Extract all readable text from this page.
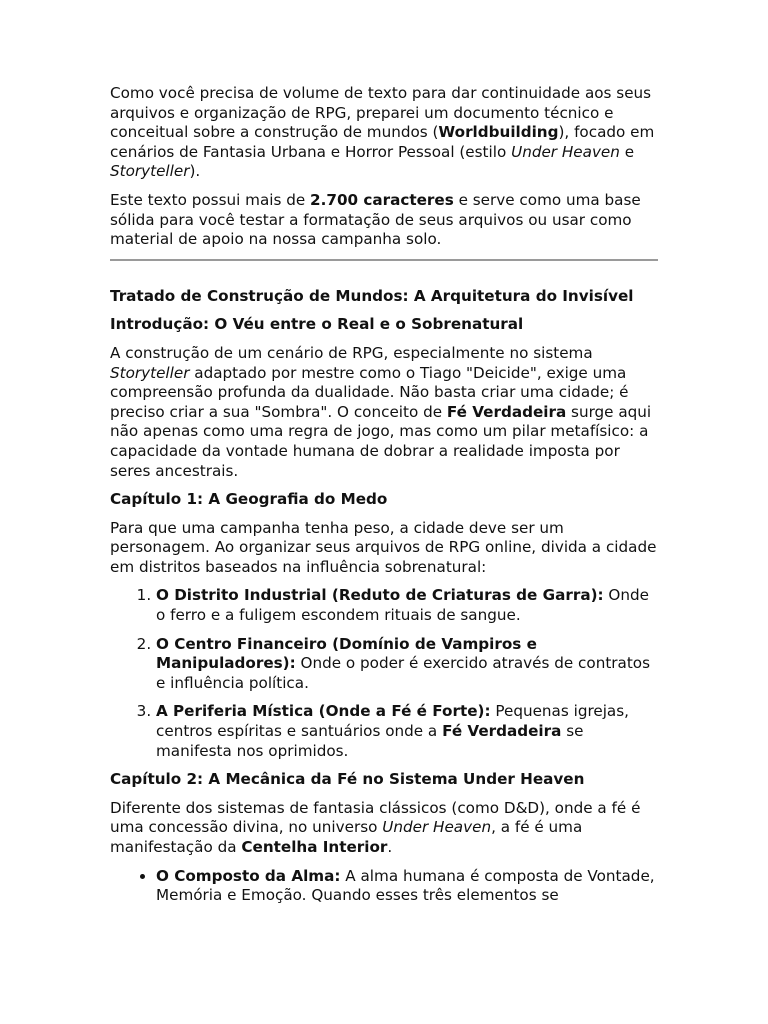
Como você precisa de volume de texto para dar continuidade aos seus arquivos e organização de RPG, preparei um documento técnico e conceitual sobre a construção de mundos (Worldbuilding), focado em cenários de Fantasia Urbana e Horror Pessoal (estilo Under Heaven e Storyteller).

Este texto possui mais de 2.700 caracteres e serve como uma base sólida para você testar a formatação de seus arquivos ou usar como material de apoio na nossa campanha solo.

Tratado de Construção de Mundos: A Arquitetura do Invisível
Introdução: O Véu entre o Real e o Sobrenatural

A construção de um cenário de RPG, especialmente no sistema Storyteller adaptado por mestre como o Tiago "Deicide", exige uma compreensão profunda da dualidade. Não basta criar uma cidade; é preciso criar a sua "Sombra". O conceito de Fé Verdadeira surge aqui não apenas como uma regra de jogo, mas como um pilar metafísico: a capacidade da vontade humana de dobrar a realidade imposta por seres ancestrais.

Capítulo 1: A Geografia do Medo

Para que uma campanha tenha peso, a cidade deve ser um personagem. Ao organizar seus arquivos de RPG online, divida a cidade em distritos baseados na influência sobrenatural:

1. O Distrito Industrial (Reduto de Criaturas de Garra): Onde o ferro e a fuligem escondem rituais de sangue.
2. O Centro Financeiro (Domínio de Vampiros e Manipuladores): Onde o poder é exercido através de contratos e influência política.
3. A Periferia Mística (Onde a Fé é Forte): Pequenas igrejas, centros espíritas e santuários onde a Fé Verdadeira se manifesta nos oprimidos.
Capítulo 2: A Mecânica da Fé no Sistema Under Heaven

Diferente dos sistemas de fantasia clássicos (como D&D), onde a fé é uma concessão divina, no universo Under Heaven, a fé é uma manifestação da Centelha Interior.

• O Composto da Alma: A alma humana é composta de Vontade, Memória e Emoção. Quando esses três elementos se
